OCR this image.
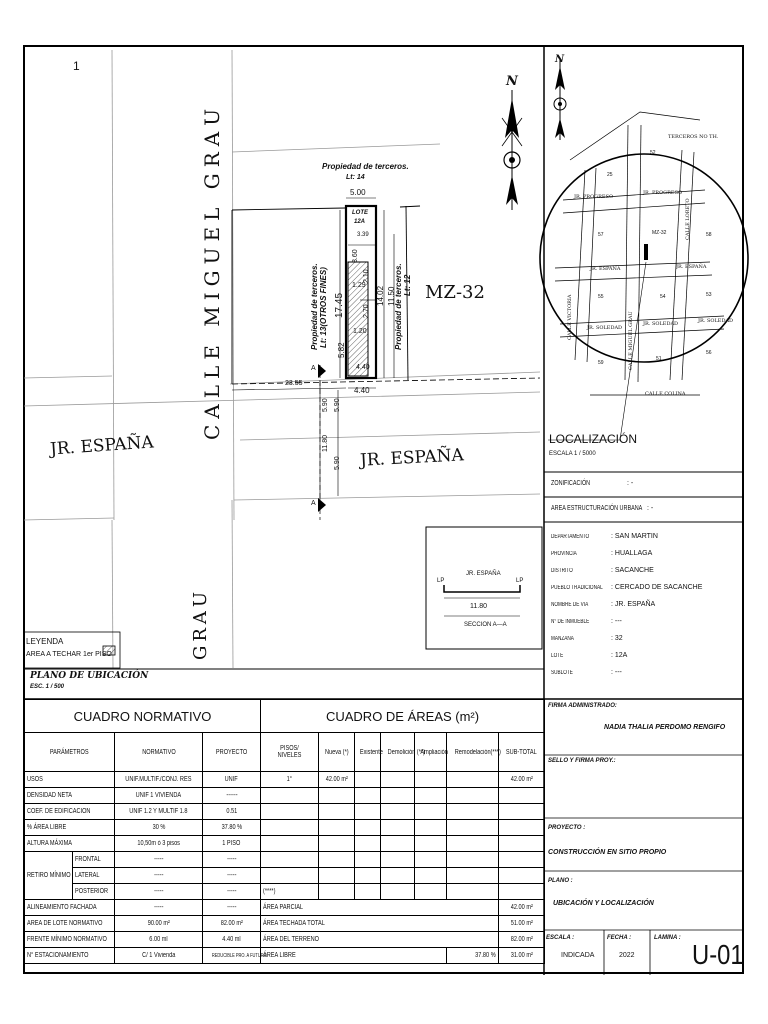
1
CALLE MIGUEL GRAU
GRAU
JR. ESPAÑA	JR. ESPAÑA
Propiedad de terceros.
Lt: 14
Propiedad de terceros. Lt: 13(OTROS FINES)	Propiedad de terceros. Lt: 12
LOTE
12A
MZ-32
N
5.00
3.39
3.60
1.29
2.70
2.10
1.20
5.82
17.45	14.02 11.50
4.40
4.40
23.55
5.90
5.90
5.90
11.80
A
A
JR. ESPAÑA
LP	LP
11.80
SECCION A—A
LEYENDA
AREA A TECHAR 1er PISO
PLANO DE UBICACIÓN
ESC. 1 / 500
N
TERCEROS NO TH.
JR. PROGRESO
JR. PROGRESO
JR. ESPAÑA	JR. ESPAÑA
JR. SOLEDAD
JR. SOLEDAD	JR. SOLEDAD
CALLE COLINA
CALLE VICTORIA	CALLE MIGUEL GRAU
CALLE LORETO
MZ-32
52
57
55	54	53
59
51
25
58
56
LOCALIZACIÓN
ESCALA 1 / 5000
ZONIFICACIÓN	: -
AREA ESTRUCTURACIÓN URBANA : -
DEPARTAMENTO	: SAN MARTIN
PROVINCIA	: HUALLAGA
DISTRITO	: SACANCHE
PUEBLO TRADICIONAL : CERCADO DE SACANCHE
NOMBRE DE VIA	: JR. ESPAÑA
N° DE INMUEBLE	: ---
MANZANA	: 32
LOTE	: 12A
SUBLOTE	: ---
CUADRO NORMATIVO			
PARÁMETROS		NORMATIVO	PROYECTO
USOS		UNIF.MULTIF./CONJ. RES	UNIF
DENSIDAD NETA		UNIF 1 VIVIENDA	------
COEF. DE EDIFICACION		UNIF 1.2 Y MULTIF 1.8	0.51
% ÁREA LIBRE		30 %	37.80 %
ALTURA MÁXIMA		10,50m ó 3 pisos	1 PISO
RETIRO MÍNIMO	FRONTAL	-----	-----
	LATERAL	-----	-----
	POSTERIOR	-----	-----
ALINEAMIENTO FACHADA		-----	-----
AREA DE LOTE NORMATIVO		90.00 m²	82.00 m²
FRENTE MÍNIMO NORMATIVO		6.00 ml	4.40 ml
N° ESTACIONAMIENTO		C/ 1 Vivienda	REDUCIBLE PRO. A FUTURO
CUADRO DE ÁREAS (m²)						
PISOS/ NIVELES	Nueva (*)	Existente	Demolición (**)	Ampliación	Remodelación(***)	SUB-TOTAL
1°	42.00 m²					42.00 m²

(****)						
ÁREA PARCIAL						42.00 m²
ÁREA TECHADA TOTAL						51.00 m²
ÁREA DEL TERRENO						82.00 m²
ÁREA LIBRE					37.80 %	31.00 m²
FIRMA ADMINISTRADO:
NADIA THALIA PERDOMO RENGIFO
SELLO Y FIRMA PROY.:
PROYECTO :
CONSTRUCCIÓN EN SITIO PROPIO
PLANO :
UBICACIÓN Y LOCALIZACIÓN
ESCALA :
INDICADA
FECHA :
2022
LAMINA :
U-01
